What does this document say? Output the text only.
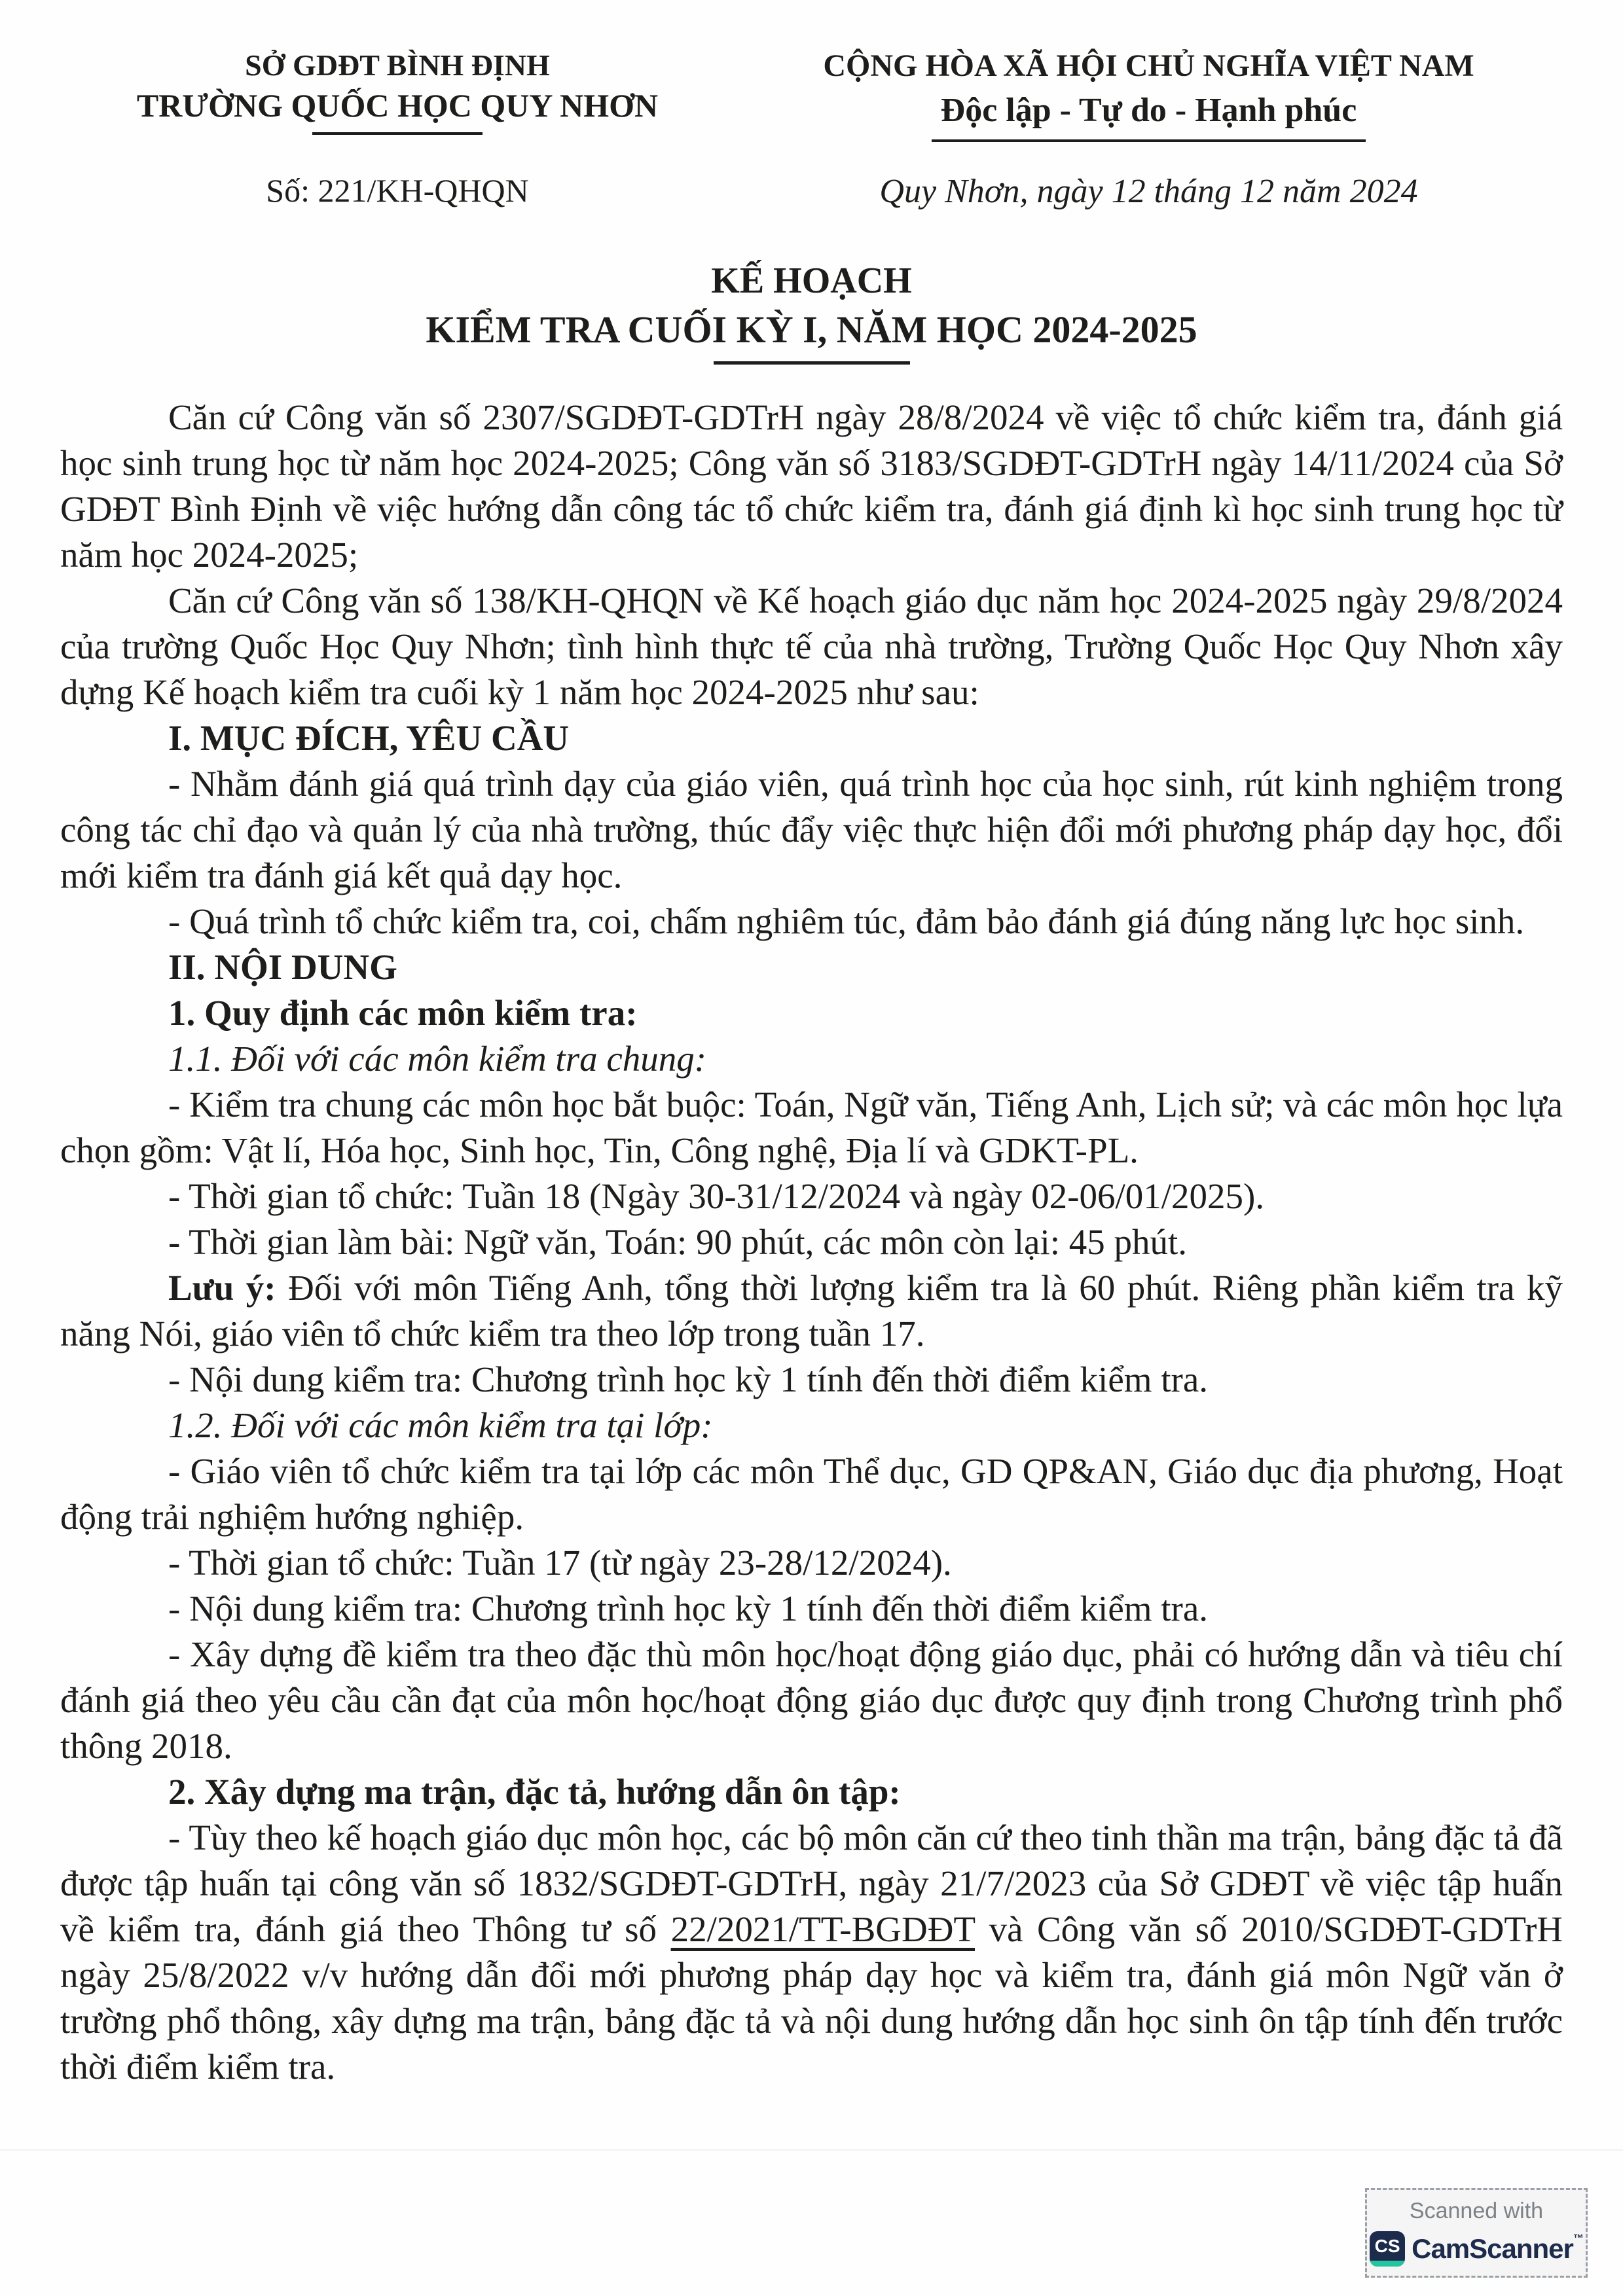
SỞ GDĐT BÌNH ĐỊNH
TRƯỜNG QUỐC HỌC QUY NHƠN
Số: 221/KH-QHQN
CỘNG HÒA XÃ HỘI CHỦ NGHĨA VIỆT NAM
Độc lập - Tự do - Hạnh phúc
Quy Nhơn, ngày 12 tháng 12 năm 2024
KẾ HOẠCH
KIỂM TRA CUỐI KỲ I, NĂM HỌC 2024-2025

Căn cứ Công văn số 2307/SGDĐT-GDTrH ngày 28/8/2024 về việc tổ chức kiểm tra, đánh giá học sinh trung học từ năm học 2024-2025; Công văn số 3183/SGDĐT-GDTrH ngày 14/11/2024 của Sở GDĐT Bình Định về việc hướng dẫn công tác tổ chức kiểm tra, đánh giá định kì học sinh trung học từ năm học 2024-2025;

Căn cứ Công văn số 138/KH-QHQN về Kế hoạch giáo dục năm học 2024-2025 ngày 29/8/2024 của trường Quốc Học Quy Nhơn; tình hình thực tế của nhà trường, Trường Quốc Học Quy Nhơn xây dựng Kế hoạch kiểm tra cuối kỳ 1 năm học 2024-2025 như sau:

I. MỤC ĐÍCH, YÊU CẦU

- Nhằm đánh giá quá trình dạy của giáo viên, quá trình học của học sinh, rút kinh nghiệm trong công tác chỉ đạo và quản lý của nhà trường, thúc đẩy việc thực hiện đổi mới phương pháp dạy học, đổi mới kiểm tra đánh giá kết quả dạy học.

- Quá trình tổ chức kiểm tra, coi, chấm nghiêm túc, đảm bảo đánh giá đúng năng lực học sinh.

II. NỘI DUNG

1. Quy định các môn kiểm tra:

1.1. Đối với các môn kiểm tra chung:

- Kiểm tra chung các môn học bắt buộc: Toán, Ngữ văn, Tiếng Anh, Lịch sử; và các môn học lựa chọn gồm: Vật lí, Hóa học, Sinh học, Tin, Công nghệ, Địa lí và GDKT-PL.

- Thời gian tổ chức: Tuần 18 (Ngày 30-31/12/2024 và ngày 02-06/01/2025).

- Thời gian làm bài: Ngữ văn, Toán: 90 phút, các môn còn lại: 45 phút.

Lưu ý: Đối với môn Tiếng Anh, tổng thời lượng kiểm tra là 60 phút. Riêng phần kiểm tra kỹ năng Nói, giáo viên tổ chức kiểm tra theo lớp trong tuần 17.

- Nội dung kiểm tra: Chương trình học kỳ 1 tính đến thời điểm kiểm tra.

1.2. Đối với các môn kiểm tra tại lớp:

- Giáo viên tổ chức kiểm tra tại lớp các môn Thể dục, GD QP&AN, Giáo dục địa phương, Hoạt động trải nghiệm hướng nghiệp.

- Thời gian tổ chức: Tuần 17 (từ ngày 23-28/12/2024).

- Nội dung kiểm tra: Chương trình học kỳ 1 tính đến thời điểm kiểm tra.

- Xây dựng đề kiểm tra theo đặc thù môn học/hoạt động giáo dục, phải có hướng dẫn và tiêu chí đánh giá theo yêu cầu cần đạt của môn học/hoạt động giáo dục được quy định trong Chương trình phổ thông 2018.

2. Xây dựng ma trận, đặc tả, hướng dẫn ôn tập:

- Tùy theo kế hoạch giáo dục môn học, các bộ môn căn cứ theo tinh thần ma trận, bảng đặc tả đã được tập huấn tại công văn số 1832/SGDĐT-GDTrH, ngày 21/7/2023 của Sở GDĐT về việc tập huấn về kiểm tra, đánh giá theo Thông tư số 22/2021/TT-BGDĐT và Công văn số 2010/SGDĐT-GDTrH ngày 25/8/2022 v/v hướng dẫn đổi mới phương pháp dạy học và kiểm tra, đánh giá môn Ngữ văn ở trường phổ thông, xây dựng ma trận, bảng đặc tả và nội dung hướng dẫn học sinh ôn tập tính đến trước thời điểm kiểm tra.

Scanned with
CS CamScanner™
